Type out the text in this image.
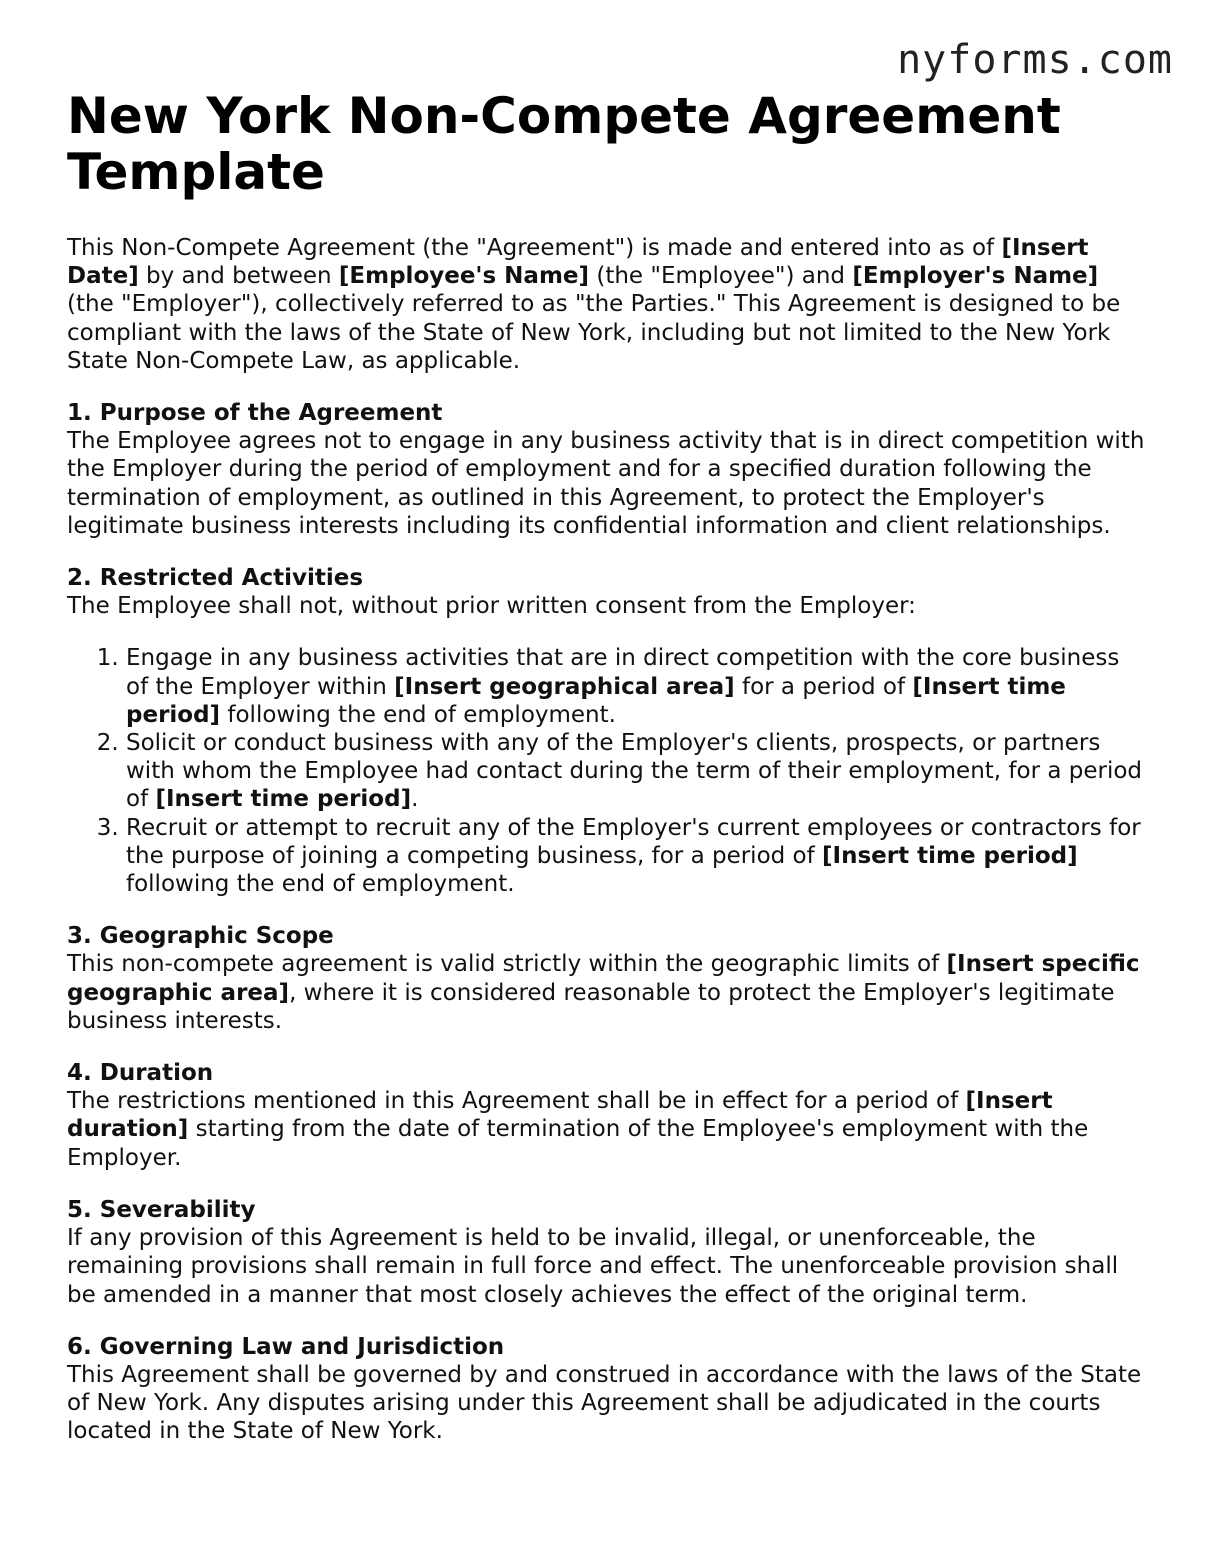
nyforms.com
New York Non-Compete Agreement Template

This Non-Compete Agreement (the "Agreement") is made and entered into as of [Insert Date] by and between [Employee's Name] (the "Employee") and [Employer's Name] (the "Employer"), collectively referred to as "the Parties." This Agreement is designed to be compliant with the laws of the State of New York, including but not limited to the New York State Non-Compete Law, as applicable.

1. Purpose of the Agreement

The Employee agrees not to engage in any business activity that is in direct competition with the Employer during the period of employment and for a specified duration following the termination of employment, as outlined in this Agreement, to protect the Employer's legitimate business interests including its confidential information and client relationships.

2. Restricted Activities

The Employee shall not, without prior written consent from the Employer:

1. Engage in any business activities that are in direct competition with the core business of the Employer within [Insert geographical area] for a period of [Insert time period] following the end of employment.
2. Solicit or conduct business with any of the Employer's clients, prospects, or partners with whom the Employee had contact during the term of their employment, for a period of [Insert time period].
3. Recruit or attempt to recruit any of the Employer's current employees or contractors for the purpose of joining a competing business, for a period of [Insert time period] following the end of employment.
3. Geographic Scope

This non-compete agreement is valid strictly within the geographic limits of [Insert specific geographic area], where it is considered reasonable to protect the Employer's legitimate business interests.

4. Duration

The restrictions mentioned in this Agreement shall be in effect for a period of [Insert duration] starting from the date of termination of the Employee's employment with the Employer.

5. Severability

If any provision of this Agreement is held to be invalid, illegal, or unenforceable, the remaining provisions shall remain in full force and effect. The unenforceable provision shall be amended in a manner that most closely achieves the effect of the original term.

6. Governing Law and Jurisdiction

This Agreement shall be governed by and construed in accordance with the laws of the State of New York. Any disputes arising under this Agreement shall be adjudicated in the courts located in the State of New York.
